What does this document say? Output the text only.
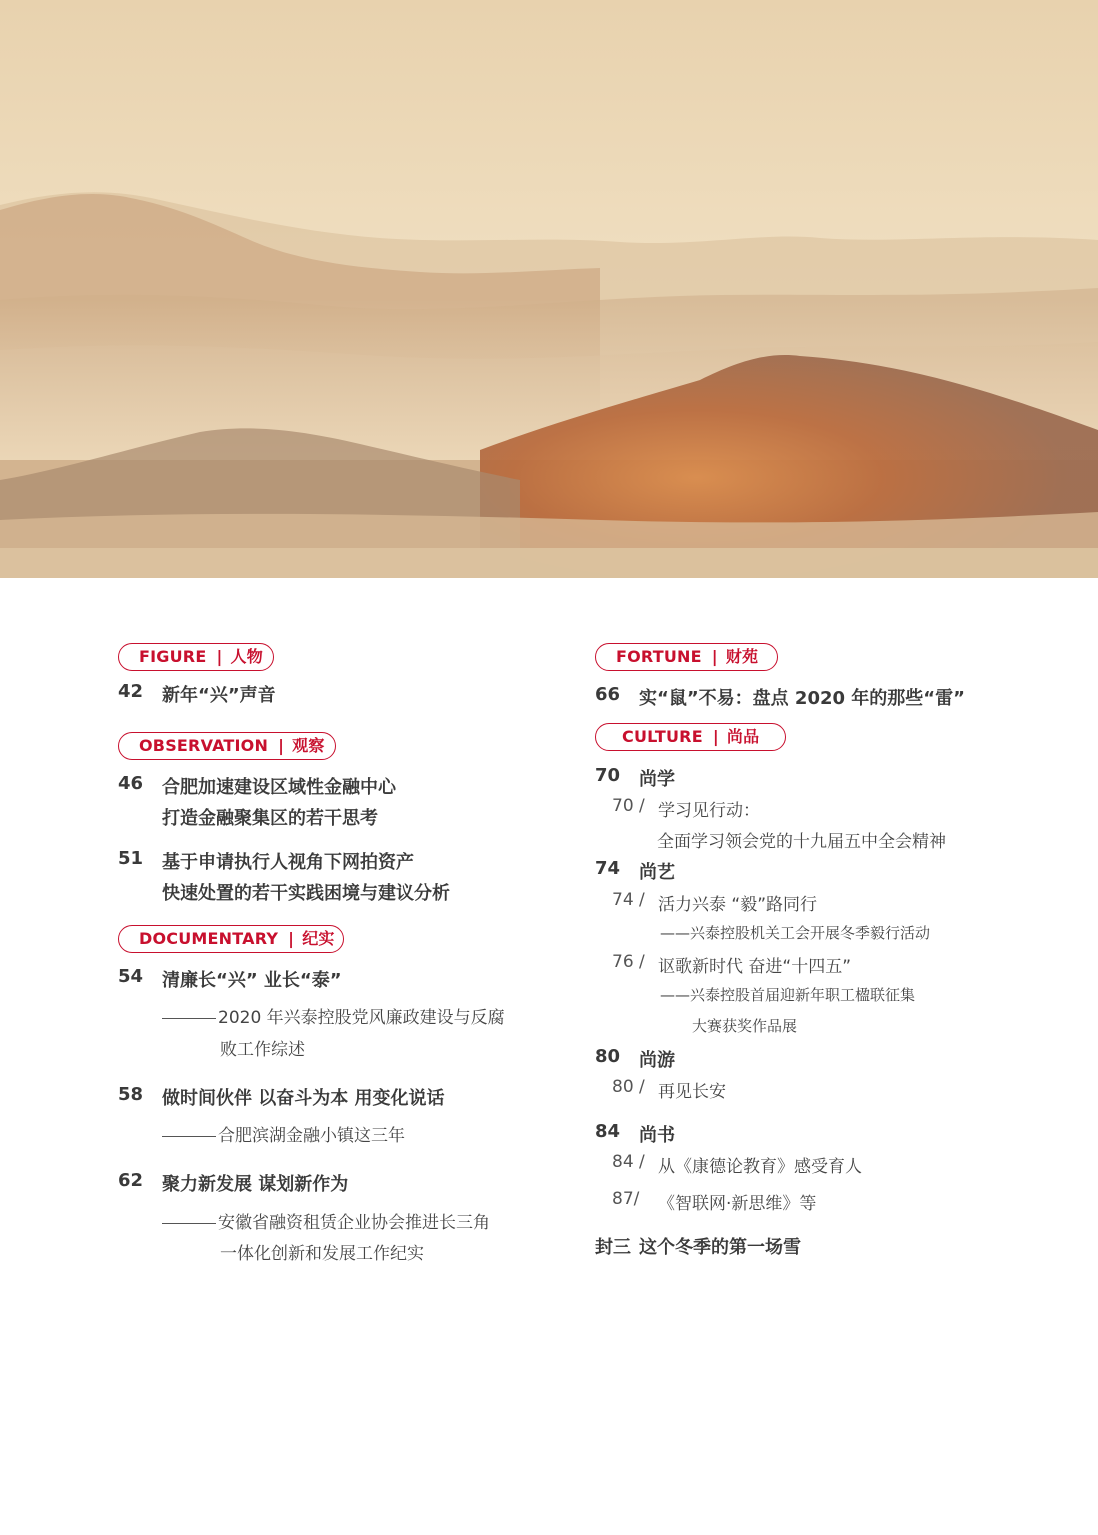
FIGURE | 人物
42 新年“兴”声音
OBSERVATION | 观察
46 合肥加速建设区域性金融中心
打造金融聚集区的若干思考
51 基于申请执行人视角下网拍资产
快速处置的若干实践困境与建议分析
DOCUMENTARY | 纪实
54 清廉长“兴” 业长“泰”
2020 年兴泰控股党风廉政建设与反腐
败工作综述
58 做时间伙伴 以奋斗为本 用变化说话
合肥滨湖金融小镇这三年
62 聚力新发展 谋划新作为
安徽省融资租赁企业协会推进长三角
一体化创新和发展工作纪实
FORTUNE | 财苑
66 实“鼠”不易：盘点 2020 年的那些“雷”
CULTURE | 尚品
70 尚学
70 / 学习见行动：
全面学习领会党的十九届五中全会精神
74 尚艺
74 / 活力兴泰 “毅”路同行
——兴泰控股机关工会开展冬季毅行活动
76 / 讴歌新时代 奋进“十四五”
——兴泰控股首届迎新年职工楹联征集
大赛获奖作品展
80 尚游
80 / 再见长安
84 尚书
84 / 从《康德论教育》感受育人
87/ 《智联网·新思维》等
封三 这个冬季的第一场雪
